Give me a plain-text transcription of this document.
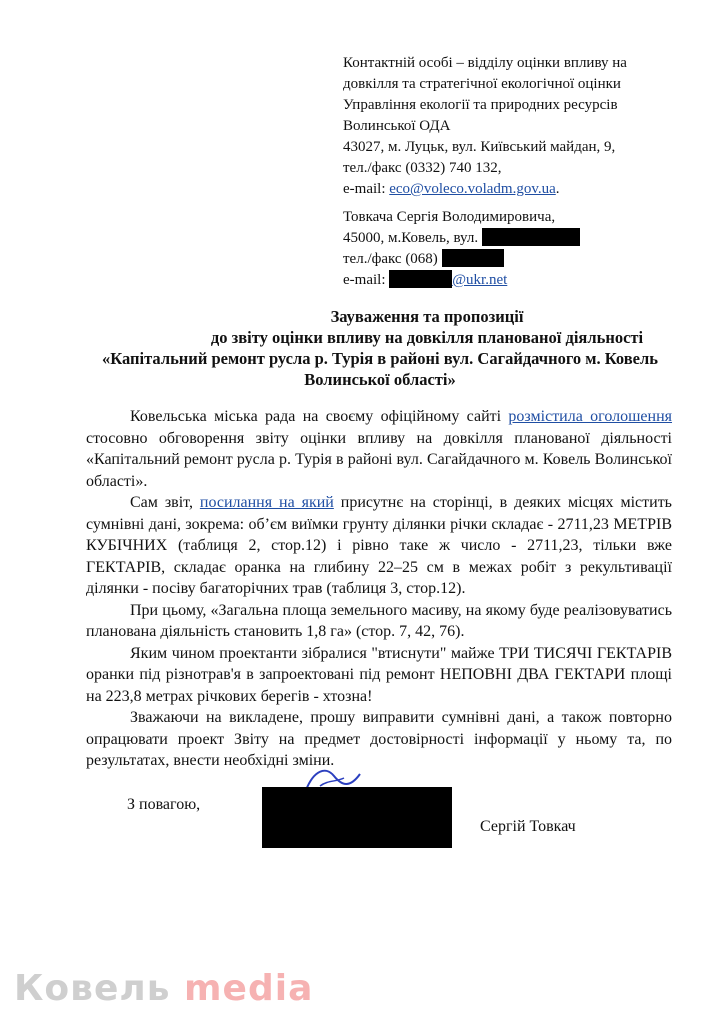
Контактній особі – відділу оцінки впливу на
довкілля та стратегічної екологічної оцінки
Управління екології та природних ресурсів
Волинської ОДА
43027, м. Луцьк, вул. Київський майдан, 9,
тел./факс (0332) 740 132,
e-mail: eco@voleco.voladm.gov.ua.
Товкача Сергія Володимировича,
45000, м.Ковель, вул.
тел./факс (068)
e-mail:	@ukr.net
Зауваження та пропозиції
до звіту оцінки впливу на довкілля планованої діяльності
«Капітальний ремонт русла р. Турія в районі вул. Сагайдачного м. Ковель
Волинської області»

Ковельська міська рада на своєму офіційному сайті розмістила оголошення стосовно обговорення звіту оцінки впливу на довкілля планованої діяльності «Капітальний ремонт русла р. Турія в районі вул. Сагайдачного м. Ковель Волинської області».

Сам звіт, посилання на який присутнє на сторінці, в деяких місцях містить сумнівні дані, зокрема: об’єм виїмки грунту ділянки річки складає - 2711,23 МЕТРІВ КУБІЧНИХ (таблиця 2, стор.12) і рівно таке ж число - 2711,23, тільки вже ГЕКТАРІВ, складає оранка на глибину 22–25 см в межах робіт з рекультивації ділянки - посіву багаторічних трав (таблиця 3, стор.12).

При цьому, «Загальна площа земельного масиву, на якому буде реалізовуватись планована діяльність становить 1,8 га» (стор. 7, 42, 76).

Яким чином проектанти зібралися "втиснути" майже ТРИ ТИСЯЧІ ГЕКТАРІВ оранки під різнотрав'я в запроектовані під ремонт НЕПОВНІ ДВА ГЕКТАРИ площі на 223,8 метрах річкових берегів - хтозна!

Зважаючи на викладене, прошу виправити сумнівні дані, а також повторно опрацювати проект Звіту на предмет достовірності інформації у ньому та, по результатах, внести необхідні зміни.

З повагою,
Сергій Товкач
Ковель media
